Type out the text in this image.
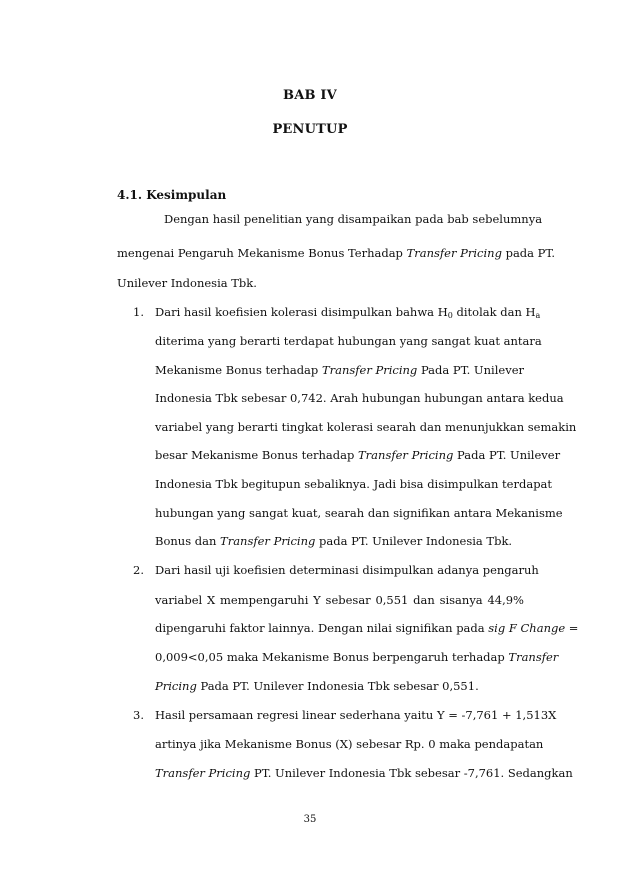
BAB IV
PENUTUP
4.1. Kesimpulan
Dengan hasil penelitian yang disampaikan pada bab sebelumnya
mengenai Pengaruh Mekanisme Bonus Terhadap Transfer Pricing pada PT.
Unilever Indonesia Tbk.
1. Dari hasil koefisien kolerasi disimpulkan bahwa $H_0$ ditolak dan $H_a$
diterima yang berarti terdapat hubungan yang sangat kuat antara
Mekanisme Bonus terhadap Transfer Pricing Pada PT. Unilever
Indonesia Tbk sebesar 0,742. Arah hubungan hubungan antara kedua
variabel yang berarti tingkat kolerasi searah dan menunjukkan semakin
besar Mekanisme Bonus terhadap Transfer Pricing Pada PT. Unilever
Indonesia Tbk begitupun sebaliknya. Jadi bisa disimpulkan terdapat
hubungan yang sangat kuat, searah dan signifikan antara Mekanisme
Bonus dan Transfer Pricing pada PT. Unilever Indonesia Tbk.
2. Dari hasil uji koefisien determinasi disimpulkan adanya pengaruh
variabel X mempengaruhi Y sebesar 0,551 dan sisanya 44,9%
dipengaruhi faktor lainnya. Dengan nilai signifikan pada sig F Change =
0,009<0,05 maka Mekanisme Bonus berpengaruh terhadap Transfer
Pricing Pada PT. Unilever Indonesia Tbk sebesar 0,551.
3. Hasil persamaan regresi linear sederhana yaitu Y = -7,761 + 1,513X
artinya jika Mekanisme Bonus (X) sebesar Rp. 0 maka pendapatan
Transfer Pricing PT. Unilever Indonesia Tbk sebesar -7,761. Sedangkan
35
